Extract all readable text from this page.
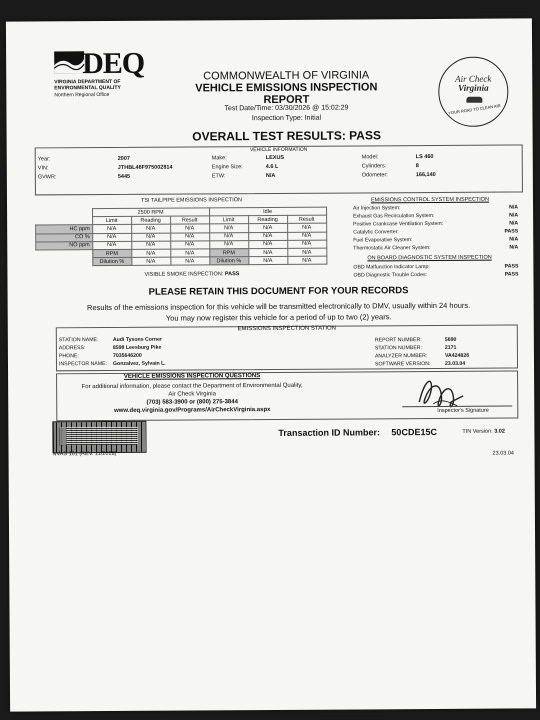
DEQ
VIRGINIA DEPARTMENT OF
ENVIRONMENTAL QUALITY
Northern Regional Office
COMMONWEALTH OF VIRGINIA
VEHICLE EMISSIONS INSPECTION REPORT
Air Check
Virginia
YOUR ROAD TO CLEAN AIR
Test Date/Time: 03/30/2026 @ 15:02:29
Inspection Type: Initial
OVERALL TEST RESULTS: PASS
VEHICLE INFORMATION
Year:	2007
VIN:	JTHBL46F975002814
GVWR:	5445
Make:	LEXUS
Engine Size:	4.6 L
ETW:	N/A
Model:	LS 460
Cylinders:	8
Odometer:	166,140
TSI TAILPIPE EMISSIONS INSPECTION
	2500 RPM			Idle		
	Limit	Reading	Result	Limit	Reading	Result
HC ppm	N/A	N/A	N/A	N/A	N/A	N/A
CO %	N/A	N/A	N/A	N/A	N/A	N/A
NO ppm	N/A	N/A	N/A	N/A	N/A	N/A
	RPM	N/A	N/A	RPM	N/A	N/A
	Dilution %	N/A	N/A	Dilution %	N/A	N/A
VISIBLE SMOKE INSPECTION: PASS
EMISSIONS CONTROL SYSTEM INSPECTION
Air Injection System:	N/A
Exhaust Gas Recirculation System:	N/A
Positive Crankcase Ventilation System:	N/A
Catalytic Converter:	PASS
Fuel Evaporative System:	N/A
Thermostatic Air Cleaner System:	N/A
ON BOARD DIAGNOSTIC SYSTEM INSPECTION
OBD Malfunction Indicator Lamp:	PASS
OBD Diagnostic Trouble Codes:	PASS
PLEASE RETAIN THIS DOCUMENT FOR YOUR RECORDS
Results of the emissions inspection for this vehicle will be transmitted electronically to DMV, usually within 24 hours.
You may now register this vehicle for a period of up to two (2) years.
EMISSIONS INSPECTION STATION
STATION NAME:	Audi Tysons Corner
ADDRESS:	8598 Leesburg Pike
PHONE:	7035646200
INSPECTOR NAME: Gonzalvez, Sylvain L.
REPORT NUMBER:	5690
STATION NUMBER:	2171
ANALYZER NUMBER:	VA424826
SOFTWARE VERSION:	23.03.04
VEHICLE EMISSIONS INSPECTION QUESTIONS
For additional information, please contact the Department of Environmental Quality,
Air Check Virginia
(703) 583-3900 or (800) 275-3844
www.deq.virginia.gov/Programs/AirCheckVirginia.aspx	Inspector's Signature
NVAS 101 (REV. 11/2018)
Transaction ID Number: 50CDE15C	TIN Version: 3.02
23.03.04
